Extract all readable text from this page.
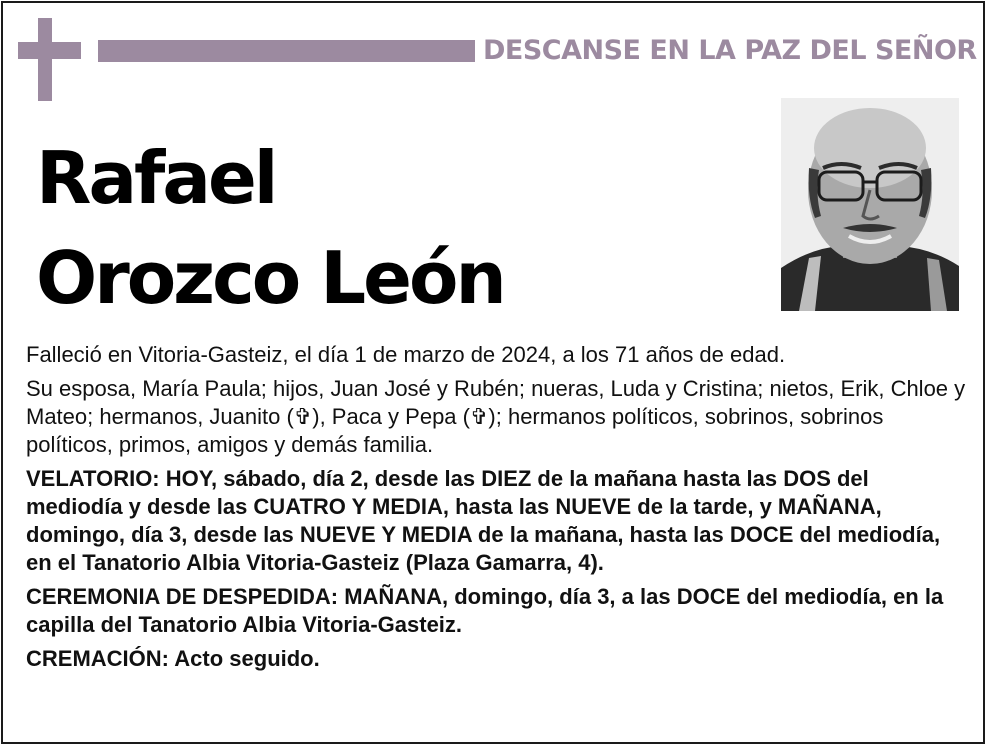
DESCANSE EN LA PAZ DEL SEÑOR
Rafael
Orozco León

Falleció en Vitoria-Gasteiz, el día 1 de marzo de 2024, a los 71 años de edad.

Su esposa, María Paula; hijos, Juan José y Rubén; nueras, Luda y Cristina; nietos, Erik, Chloe y Mateo; hermanos, Juanito (✞), Paca y Pepa (✞); hermanos políticos, sobrinos, sobrinos políticos, primos, amigos y demás familia.

VELATORIO: HOY, sábado, día 2, desde las DIEZ de la mañana hasta las DOS del mediodía y desde las CUATRO Y MEDIA, hasta las NUEVE de la tarde, y MAÑANA, domingo, día 3, desde las NUEVE Y MEDIA de la mañana, hasta las DOCE del mediodía, en el Tanatorio Albia Vitoria-Gasteiz (Plaza Gamarra, 4).

CEREMONIA DE DESPEDIDA: MAÑANA, domingo, día 3, a las DOCE del mediodía, en la capilla del Tanatorio Albia Vitoria-Gasteiz.

CREMACIÓN: Acto seguido.
